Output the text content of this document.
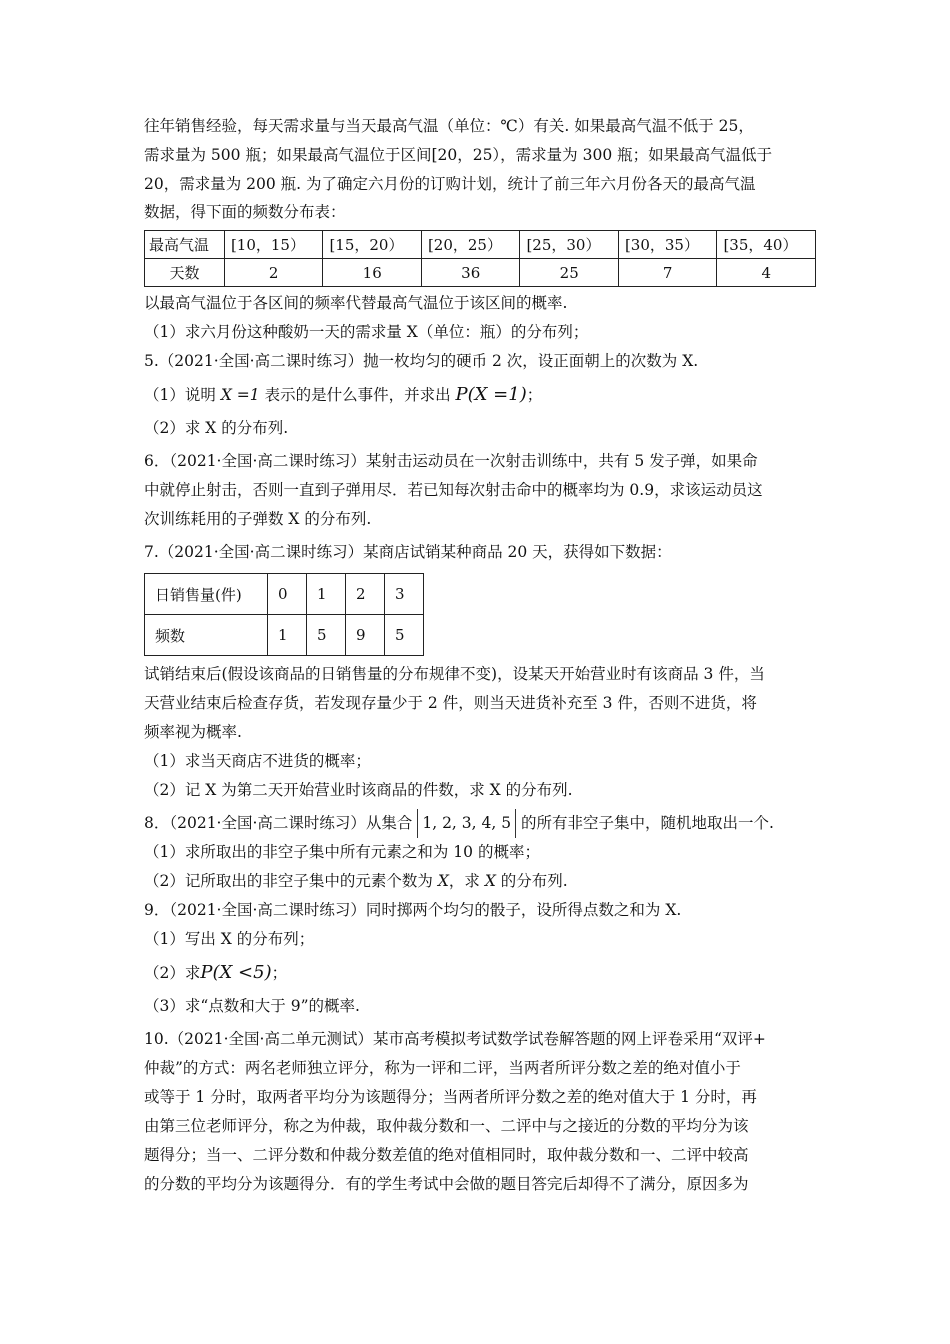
往年销售经验，每天需求量与当天最高气温（单位：℃）有关. 如果最高气温不低于 25，
需求量为 500 瓶；如果最高气温位于区间[20，25），需求量为 300 瓶；如果最高气温低于
20，需求量为 200 瓶. 为了确定六月份的订购计划，统计了前三年六月份各天的最高气温
数据，得下面的频数分布表：
最高气温	[10，15）	[15，20）	[20，25）	[25，30）	[30，35）	[35，40）
天数	2	16	36	25	7	4
以最高气温位于各区间的频率代替最高气温位于该区间的概率.
（1）求六月份这种酸奶一天的需求量 X（单位：瓶）的分布列；
5.（2021·全国·高二课时练习）抛一枚均匀的硬币 2 次，设正面朝上的次数为 X.
（1）说明 X =1 表示的是什么事件，并求出 P(X =1)；
（2）求 X 的分布列.
6．（2021·全国·高二课时练习）某射击运动员在一次射击训练中，共有 5 发子弹，如果命
中就停止射击，否则一直到子弹用尽．若已知每次射击命中的概率均为 0.9，求该运动员这
次训练耗用的子弹数 X 的分布列.
7.（2021·全国·高二课时练习）某商店试销某种商品 20 天，获得如下数据：
日销售量(件)	0	1	2	3
频数	1	5	9	5
试销结束后(假设该商品的日销售量的分布规律不变)，设某天开始营业时有该商品 3 件，当
天营业结束后检查存货，若发现存量少于 2 件，则当天进货补充至 3 件，否则不进货，将
频率视为概率.
（1）求当天商店不进货的概率；
（2）记 X 为第二天开始营业时该商品的件数，求 X 的分布列.
8．（2021·全国·高二课时练习）从集合 1, 2, 3, 4, 5 的所有非空子集中，随机地取出一个.
（1）求所取出的非空子集中所有元素之和为 10 的概率；
（2）记所取出的非空子集中的元素个数为 X，求 X 的分布列.
9．（2021·全国·高二课时练习）同时掷两个均匀的骰子，设所得点数之和为 X.
（1）写出 X 的分布列；
（2）求P(X <5)；
（3）求“点数和大于 9”的概率.
10.（2021·全国·高二单元测试）某市高考模拟考试数学试卷解答题的网上评卷采用“双评+
仲裁”的方式：两名老师独立评分，称为一评和二评，当两者所评分数之差的绝对值小于
或等于 1 分时，取两者平均分为该题得分；当两者所评分数之差的绝对值大于 1 分时，再
由第三位老师评分，称之为仲裁，取仲裁分数和一、二评中与之接近的分数的平均分为该
题得分；当一、二评分数和仲裁分数差值的绝对值相同时，取仲裁分数和一、二评中较高
的分数的平均分为该题得分．有的学生考试中会做的题目答完后却得不了满分，原因多为
